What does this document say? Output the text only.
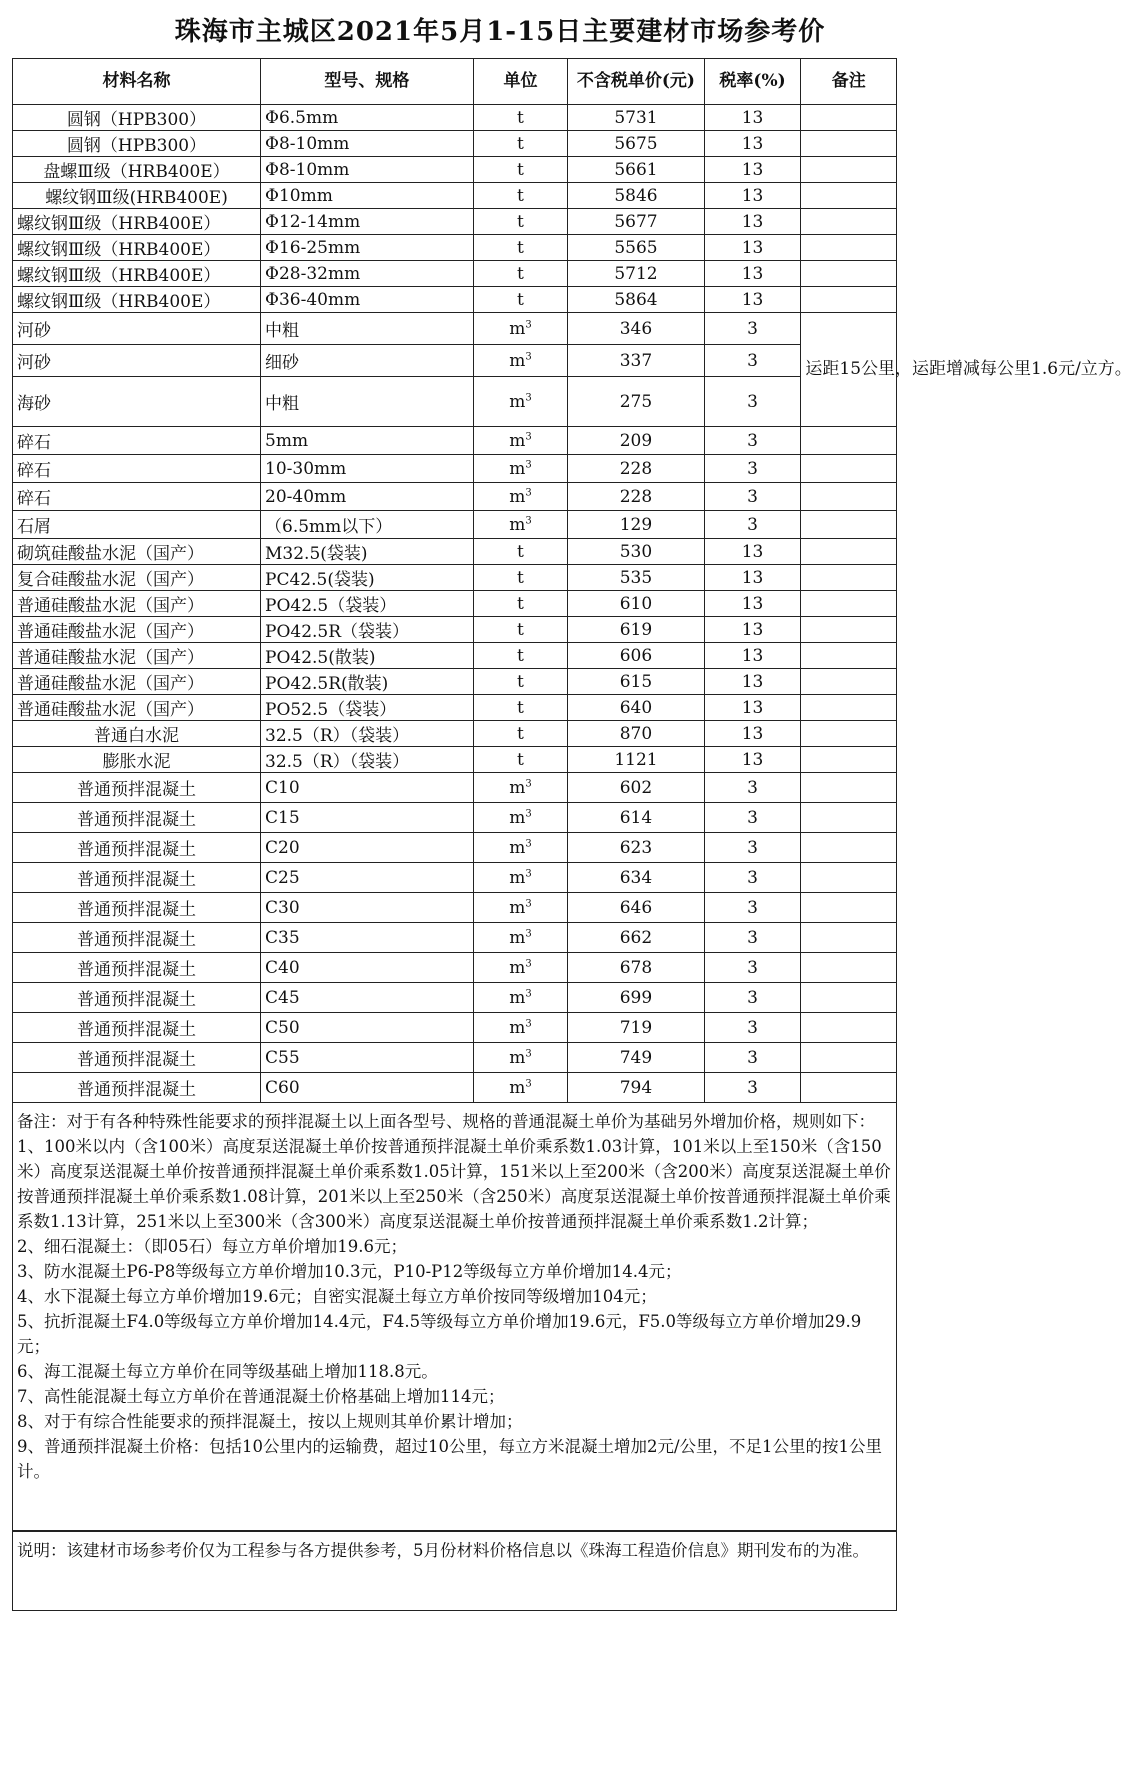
珠海市主城区2021年5月1-15日主要建材市场参考价
材料名称	型号、规格	单位	不含税单价(元)	税率(%)	备注
圆钢（HPB300）	Φ6.5mm	t	5731	13	
圆钢（HPB300）	Φ8-10mm	t	5675	13	
盘螺Ⅲ级（HRB400E）	Φ8-10mm	t	5661	13	
螺纹钢Ⅲ级(HRB400E)	Φ10mm	t	5846	13	
螺纹钢Ⅲ级（HRB400E）	Φ12-14mm	t	5677	13	
螺纹钢Ⅲ级（HRB400E）	Φ16-25mm	t	5565	13	
螺纹钢Ⅲ级（HRB400E）	Φ28-32mm	t	5712	13	
螺纹钢Ⅲ级（HRB400E）	Φ36-40mm	t	5864	13	
河砂	中粗	$m^3$	346	3	运距15公里，运距增减每公里1.6元/立方。
河砂	细砂	$m^3$	337	3	
海砂	中粗	$m^3$	275	3	
碎石	5mm	$m^3$	209	3	
碎石	10-30mm	$m^3$	228	3	
碎石	20-40mm	$m^3$	228	3	
石屑	（6.5mm以下）	$m^3$	129	3	
砌筑硅酸盐水泥（国产）	M32.5(袋装)	t	530	13	
复合硅酸盐水泥（国产）	PC42.5(袋装)	t	535	13	
普通硅酸盐水泥（国产）	PO42.5（袋装）	t	610	13	
普通硅酸盐水泥（国产）	PO42.5R（袋装）	t	619	13	
普通硅酸盐水泥（国产）	PO42.5(散装)	t	606	13	
普通硅酸盐水泥（国产）	PO42.5R(散装)	t	615	13	
普通硅酸盐水泥（国产）	PO52.5（袋装）	t	640	13	
普通白水泥	32.5（R）（袋装）	t	870	13	
膨胀水泥	32.5（R）（袋装）	t	1121	13	
普通预拌混凝土	C10	$m^3$	602	3	
普通预拌混凝土	C15	$m^3$	614	3	
普通预拌混凝土	C20	$m^3$	623	3	
普通预拌混凝土	C25	$m^3$	634	3	
普通预拌混凝土	C30	$m^3$	646	3	
普通预拌混凝土	C35	$m^3$	662	3	
普通预拌混凝土	C40	$m^3$	678	3	
普通预拌混凝土	C45	$m^3$	699	3	
普通预拌混凝土	C50	$m^3$	719	3	
普通预拌混凝土	C55	$m^3$	749	3	
普通预拌混凝土	C60	$m^3$	794	3	

备注：对于有各种特殊性能要求的预拌混凝土以上面各型号、规格的普通混凝土单价为基础另外增加价格，规则如下：

1、100米以内（含100米）高度泵送混凝土单价按普通预拌混凝土单价乘系数1.03计算，101米以上至150米（含150米）高度泵送混凝土单价按普通预拌混凝土单价乘系数1.05计算，151米以上至200米（含200米）高度泵送混凝土单价按普通预拌混凝土单价乘系数1.08计算，201米以上至250米（含250米）高度泵送混凝土单价按普通预拌混凝土单价乘系数1.13计算，251米以上至300米（含300米）高度泵送混凝土单价按普通预拌混凝土单价乘系数1.2计算；

2、细石混凝土：（即05石）每立方单价增加19.6元；

3、防水混凝土P6-P8等级每立方单价增加10.3元，P10-P12等级每立方单价增加14.4元；

4、水下混凝土每立方单价增加19.6元；自密实混凝土每立方单价按同等级增加104元；

5、抗折混凝土F4.0等级每立方单价增加14.4元，F4.5等级每立方单价增加19.6元，F5.0等级每立方单价增加29.9元；

6、海工混凝土每立方单价在同等级基础上增加118.8元。

7、高性能混凝土每立方单价在普通混凝土价格基础上增加114元；

8、对于有综合性能要求的预拌混凝土，按以上规则其单价累计增加；

9、普通预拌混凝土价格：包括10公里内的运输费，超过10公里，每立方米混凝土增加2元/公里，不足1公里的按1公里计。

说明：该建材市场参考价仅为工程参与各方提供参考，5月份材料价格信息以《珠海工程造价信息》期刊发布的为准。
